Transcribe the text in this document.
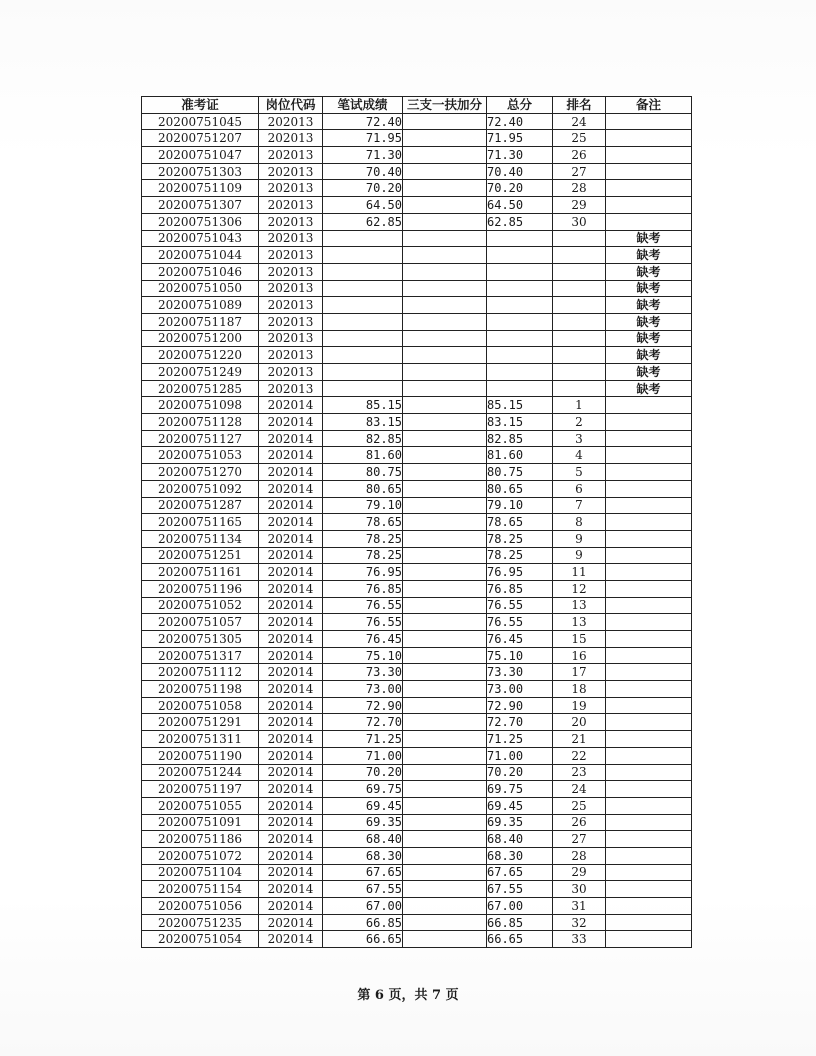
准考证	岗位代码	笔试成绩	三支一扶加分	总分	排名	备注
20200751045	202013	72.40		72.40	24	
20200751207	202013	71.95		71.95	25	
20200751047	202013	71.30		71.30	26	
20200751303	202013	70.40		70.40	27	
20200751109	202013	70.20		70.20	28	
20200751307	202013	64.50		64.50	29	
20200751306	202013	62.85		62.85	30	
20200751043	202013					缺考
20200751044	202013					缺考
20200751046	202013					缺考
20200751050	202013					缺考
20200751089	202013					缺考
20200751187	202013					缺考
20200751200	202013					缺考
20200751220	202013					缺考
20200751249	202013					缺考
20200751285	202013					缺考
20200751098	202014	85.15		85.15	1	
20200751128	202014	83.15		83.15	2	
20200751127	202014	82.85		82.85	3	
20200751053	202014	81.60		81.60	4	
20200751270	202014	80.75		80.75	5	
20200751092	202014	80.65		80.65	6	
20200751287	202014	79.10		79.10	7	
20200751165	202014	78.65		78.65	8	
20200751134	202014	78.25		78.25	9	
20200751251	202014	78.25		78.25	9	
20200751161	202014	76.95		76.95	11	
20200751196	202014	76.85		76.85	12	
20200751052	202014	76.55		76.55	13	
20200751057	202014	76.55		76.55	13	
20200751305	202014	76.45		76.45	15	
20200751317	202014	75.10		75.10	16	
20200751112	202014	73.30		73.30	17	
20200751198	202014	73.00		73.00	18	
20200751058	202014	72.90		72.90	19	
20200751291	202014	72.70		72.70	20	
20200751311	202014	71.25		71.25	21	
20200751190	202014	71.00		71.00	22	
20200751244	202014	70.20		70.20	23	
20200751197	202014	69.75		69.75	24	
20200751055	202014	69.45		69.45	25	
20200751091	202014	69.35		69.35	26	
20200751186	202014	68.40		68.40	27	
20200751072	202014	68.30		68.30	28	
20200751104	202014	67.65		67.65	29	
20200751154	202014	67.55		67.55	30	
20200751056	202014	67.00		67.00	31	
20200751235	202014	66.85		66.85	32	
20200751054	202014	66.65		66.65	33	
第 6 页，共 7 页
